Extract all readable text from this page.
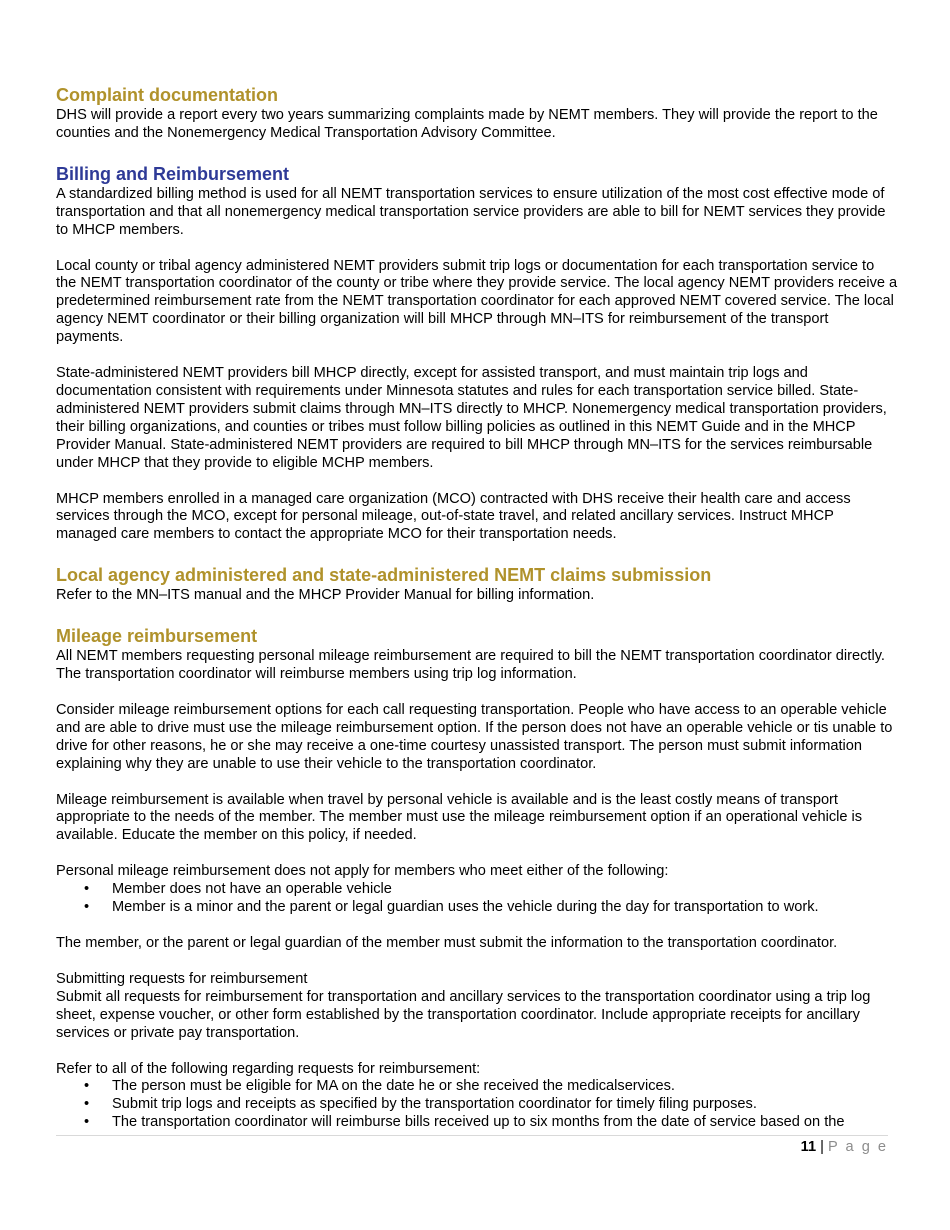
Complaint documentation

DHS will provide a report every two years summarizing complaints made by NEMT members. They will provide the report to the counties and the Nonemergency Medical Transportation Advisory Committee.

Billing and Reimbursement

A standardized billing method is used for all NEMT transportation services to ensure utilization of the most cost effective mode of transportation and that all nonemergency medical transportation service providers are able to bill for NEMT services they provide to MHCP members.

Local county or tribal agency administered NEMT providers submit trip logs or documentation for each transportation service to the NEMT transportation coordinator of the county or tribe where they provide service. The local agency NEMT providers receive a predetermined reimbursement rate from the NEMT transportation coordinator for each approved NEMT covered service. The local agency NEMT coordinator or their billing organization will bill MHCP through MN–ITS for reimbursement of the transport payments.

State-administered NEMT providers bill MHCP directly, except for assisted transport, and must maintain trip logs and documentation consistent with requirements under Minnesota statutes and rules for each transportation service billed. State-administered NEMT providers submit claims through MN–ITS directly to MHCP. Nonemergency medical transportation providers, their billing organizations, and counties or tribes must follow billing policies as outlined in this NEMT Guide and in the MHCP Provider Manual. State-administered NEMT providers are required to bill MHCP through MN–ITS for the services reimbursable under MHCP that they provide to eligible MCHP members.

MHCP members enrolled in a managed care organization (MCO) contracted with DHS receive their health care and access services through the MCO, except for personal mileage, out-of-state travel, and related ancillary services. Instruct MHCP managed care members to contact the appropriate MCO for their transportation needs.

Local agency administered and state-administered NEMT claims submission

Refer to the MN–ITS manual and the MHCP Provider Manual for billing information.

Mileage reimbursement

All NEMT members requesting personal mileage reimbursement are required to bill the NEMT transportation coordinator directly. The transportation coordinator will reimburse members using trip log information.

Consider mileage reimbursement options for each call requesting transportation. People who have access to an operable vehicle and are able to drive must use the mileage reimbursement option. If the person does not have an operable vehicle or tis unable to drive for other reasons, he or she may receive a one-time courtesy unassisted transport. The person must submit information explaining why they are unable to use their vehicle to the transportation coordinator.

Mileage reimbursement is available when travel by personal vehicle is available and is the least costly means of transport appropriate to the needs of the member. The member must use the mileage reimbursement option if an operational vehicle is available. Educate the member on this policy, if needed.

Personal mileage reimbursement does not apply for members who meet either of the following:

• Member does not have an operable vehicle
• Member is a minor and the parent or legal guardian uses the vehicle during the day for transportation to work.

The member, or the parent or legal guardian of the member must submit the information to the transportation coordinator.

Submitting requests for reimbursement

Submit all requests for reimbursement for transportation and ancillary services to the transportation coordinator using a trip log sheet, expense voucher, or other form established by the transportation coordinator. Include appropriate receipts for ancillary services or private pay transportation.

Refer to all of the following regarding requests for reimbursement:

• The person must be eligible for MA on the date he or she received the medicalservices.
• Submit trip logs and receipts as specified by the transportation coordinator for timely filing purposes.
• The transportation coordinator will reimburse bills received up to six months from the date of service based on the
11 | P a g e
